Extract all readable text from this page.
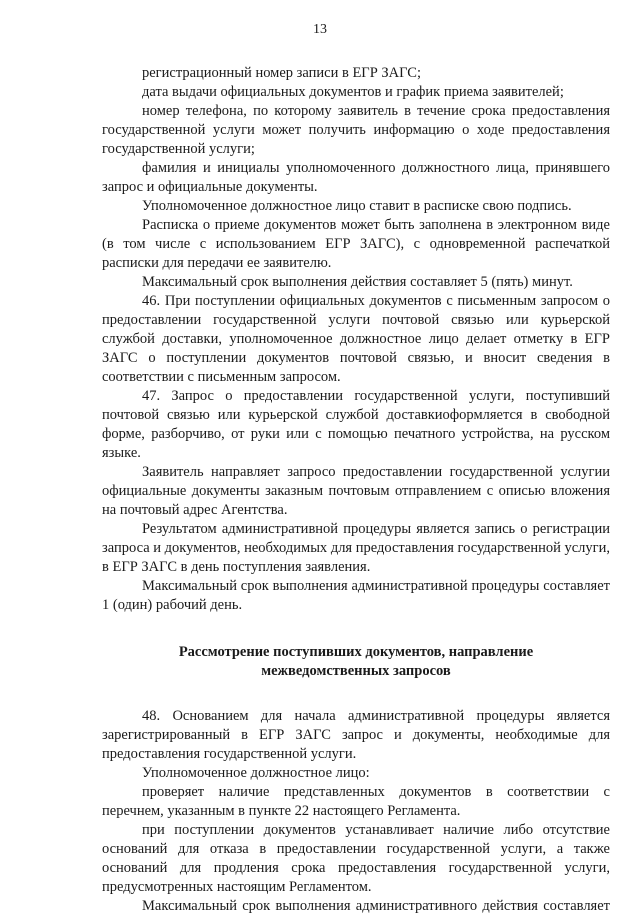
13

регистрационный номер записи в ЕГР ЗАГС;

дата выдачи официальных документов и график приема заявителей;

номер телефона, по которому заявитель в течение срока предоставления государственной услуги может получить информацию о ходе предоставления государственной услуги;

фамилия и инициалы уполномоченного должностного лица, принявшего запрос и официальные документы.

Уполномоченное должностное лицо ставит в расписке свою подпись.

Расписка о приеме документов может быть заполнена в электронном виде (в том числе с использованием ЕГР ЗАГС), с одновременной распечаткой расписки для передачи ее заявителю.

Максимальный срок выполнения действия составляет 5 (пять) минут.

46. При поступлении официальных документов с письменным запросом о предоставлении государственной услуги почтовой связью или курьерской службой доставки, уполномоченное должностное лицо делает отметку в ЕГР ЗАГС о поступлении документов почтовой связью, и вносит сведения в соответствии с письменным запросом.

47. Запрос о предоставлении государственной услуги, поступивший почтовой связью или курьерской службой доставкиоформляется в свободной форме, разборчиво, от руки или с помощью печатного устройства, на русском языке.

Заявитель направляет запросо предоставлении государственной услугии официальные документы заказным почтовым отправлением с описью вложения на почтовый адрес Агентства.

Результатом административной процедуры является запись о регистрации запроса и документов, необходимых для предоставления государственной услуги, в ЕГР ЗАГС в день поступления заявления.

Максимальный срок выполнения административной процедуры составляет 1 (один) рабочий день.

Рассмотрение поступивших документов, направление
межведомственных запросов

48. Основанием для начала административной процедуры является зарегистрированный в ЕГР ЗАГС запрос и документы, необходимые для предоставления государственной услуги.

Уполномоченное должностное лицо:

проверяет наличие представленных документов в соответствии с перечнем, указанным в пункте 22 настоящего Регламента.

при поступлении документов устанавливает наличие либо отсутствие оснований для отказа в предоставлении государственной услуги, а также оснований для продления срока предоставления государственной услуги, предусмотренных настоящим Регламентом.

Максимальный срок выполнения административного действия составляет
